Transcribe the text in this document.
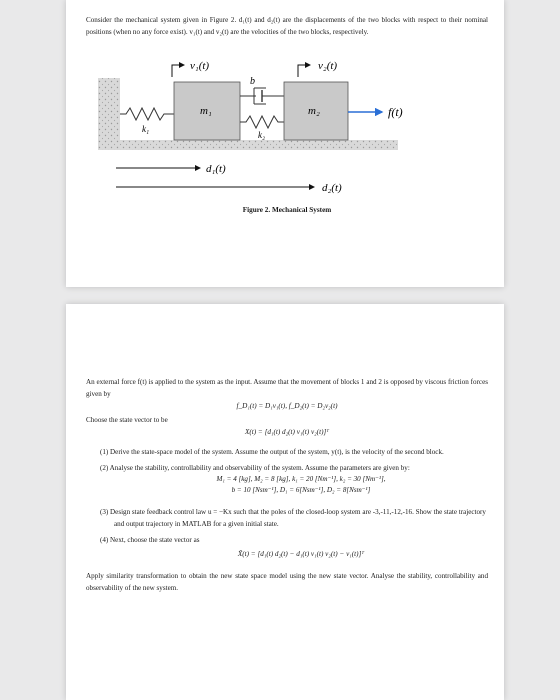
Consider the mechanical system given in Figure 2. d₁(t) and d₂(t) are the displacements of the two blocks with respect to their nominal positions (when no any force exist). v₁(t) and v₂(t) are the velocities of the two blocks, respectively.

v₁(t)	v₂(t)
k₁
m₁
b
k₂
m₂	f(t)
d₁(t)
d₂(t)
Figure 2. Mechanical System

An external force f(t) is applied to the system as the input. Assume that the movement of blocks 1 and 2 is opposed by viscous friction forces given by

f_D₁(t) = D₁v₁(t), f_D₂(t) = D₂v₂(t)

Choose the state vector to be

X(t) = [d₁(t) d₂(t) v₁(t) v₂(t)]ᵀ
(1) Derive the state-space model of the system. Assume the output of the system, y(t), is the velocity of the second block.
(2) Analyse the stability, controllability and observability of the system. Assume the parameters are given by:
M₁ = 4 [kg], M₂ = 8 [kg], k₁ = 20 [Nm⁻¹], k₂ = 30 [Nm⁻¹],
b = 10 [Nsm⁻¹], D₁ = 6[Nsm⁻¹], D₂ = 8[Nsm⁻¹]
(3) Design state feedback control law u = −Kx such that the poles of the closed-loop system are -3,-11,-12,-16. Show the state trajectory and output trajectory in MATLAB for a given initial state.
(4) Next, choose the state vector as
X̃(t) = [d₁(t) d₂(t) − d₁(t) v₁(t) v₂(t) − v₁(t)]ᵀ

Apply similarity transformation to obtain the new state space model using the new state vector. Analyse the stability, controllability and observability of the new system.
